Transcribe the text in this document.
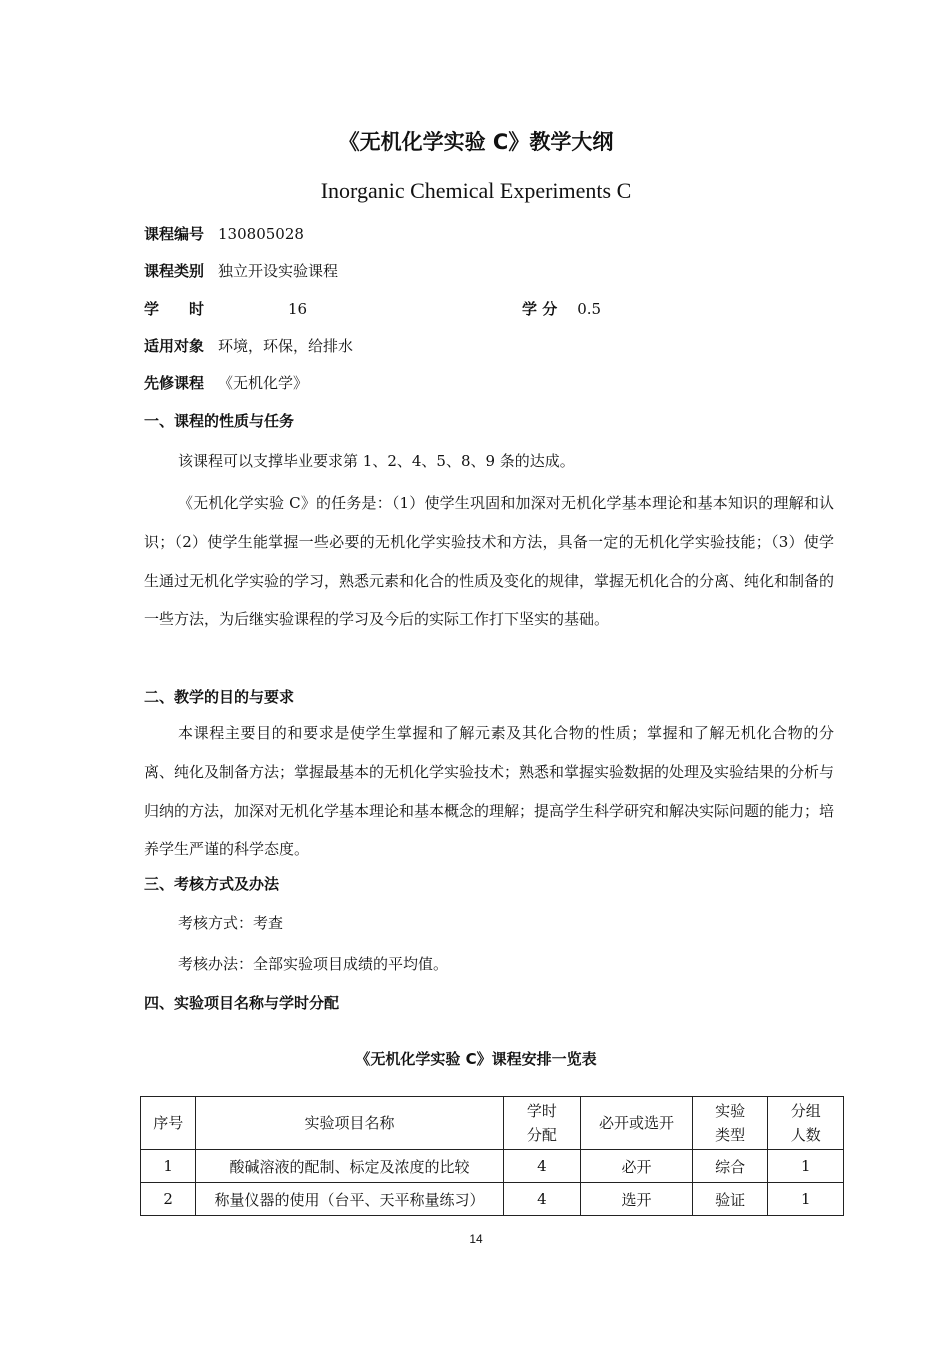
《无机化学实验 C》教学大纲
Inorganic Chemical Experiments C
课程编号 130805028
课程类别 独立开设实验课程
学　　时	16	学 分 0.5
适用对象 环境，环保，给排水
先修课程 《无机化学》
一、课程的性质与任务
该课程可以支撑毕业要求第 1、2、4、5、8、9 条的达成。

《无机化学实验 C》的任务是：（1）使学生巩固和加深对无机化学基本理论和基本知识的理解和认识；（2）使学生能掌握一些必要的无机化学实验技术和方法，具备一定的无机化学实验技能；（3）使学生通过无机化学实验的学习，熟悉元素和化合的性质及变化的规律，掌握无机化合的分离、纯化和制备的一些方法，为后继实验课程的学习及今后的实际工作打下坚实的基础。

二、教学的目的与要求

本课程主要目的和要求是使学生掌握和了解元素及其化合物的性质；掌握和了解无机化合物的分离、纯化及制备方法；掌握最基本的无机化学实验技术；熟悉和掌握实验数据的处理及实验结果的分析与归纳的方法，加深对无机化学基本理论和基本概念的理解；提高学生科学研究和解决实际问题的能力；培养学生严谨的科学态度。

三、考核方式及办法
考核方式：考查
考核办法：全部实验项目成绩的平均值。
四、实验项目名称与学时分配
《无机化学实验 C》课程安排一览表
序号	实验项目名称	学时分配	必开或选开	实验类型	分组人数
1	酸碱溶液的配制、标定及浓度的比较	4	必开	综合	1
2	称量仪器的使用（台平、天平称量练习）	4	选开	验证	1
14
